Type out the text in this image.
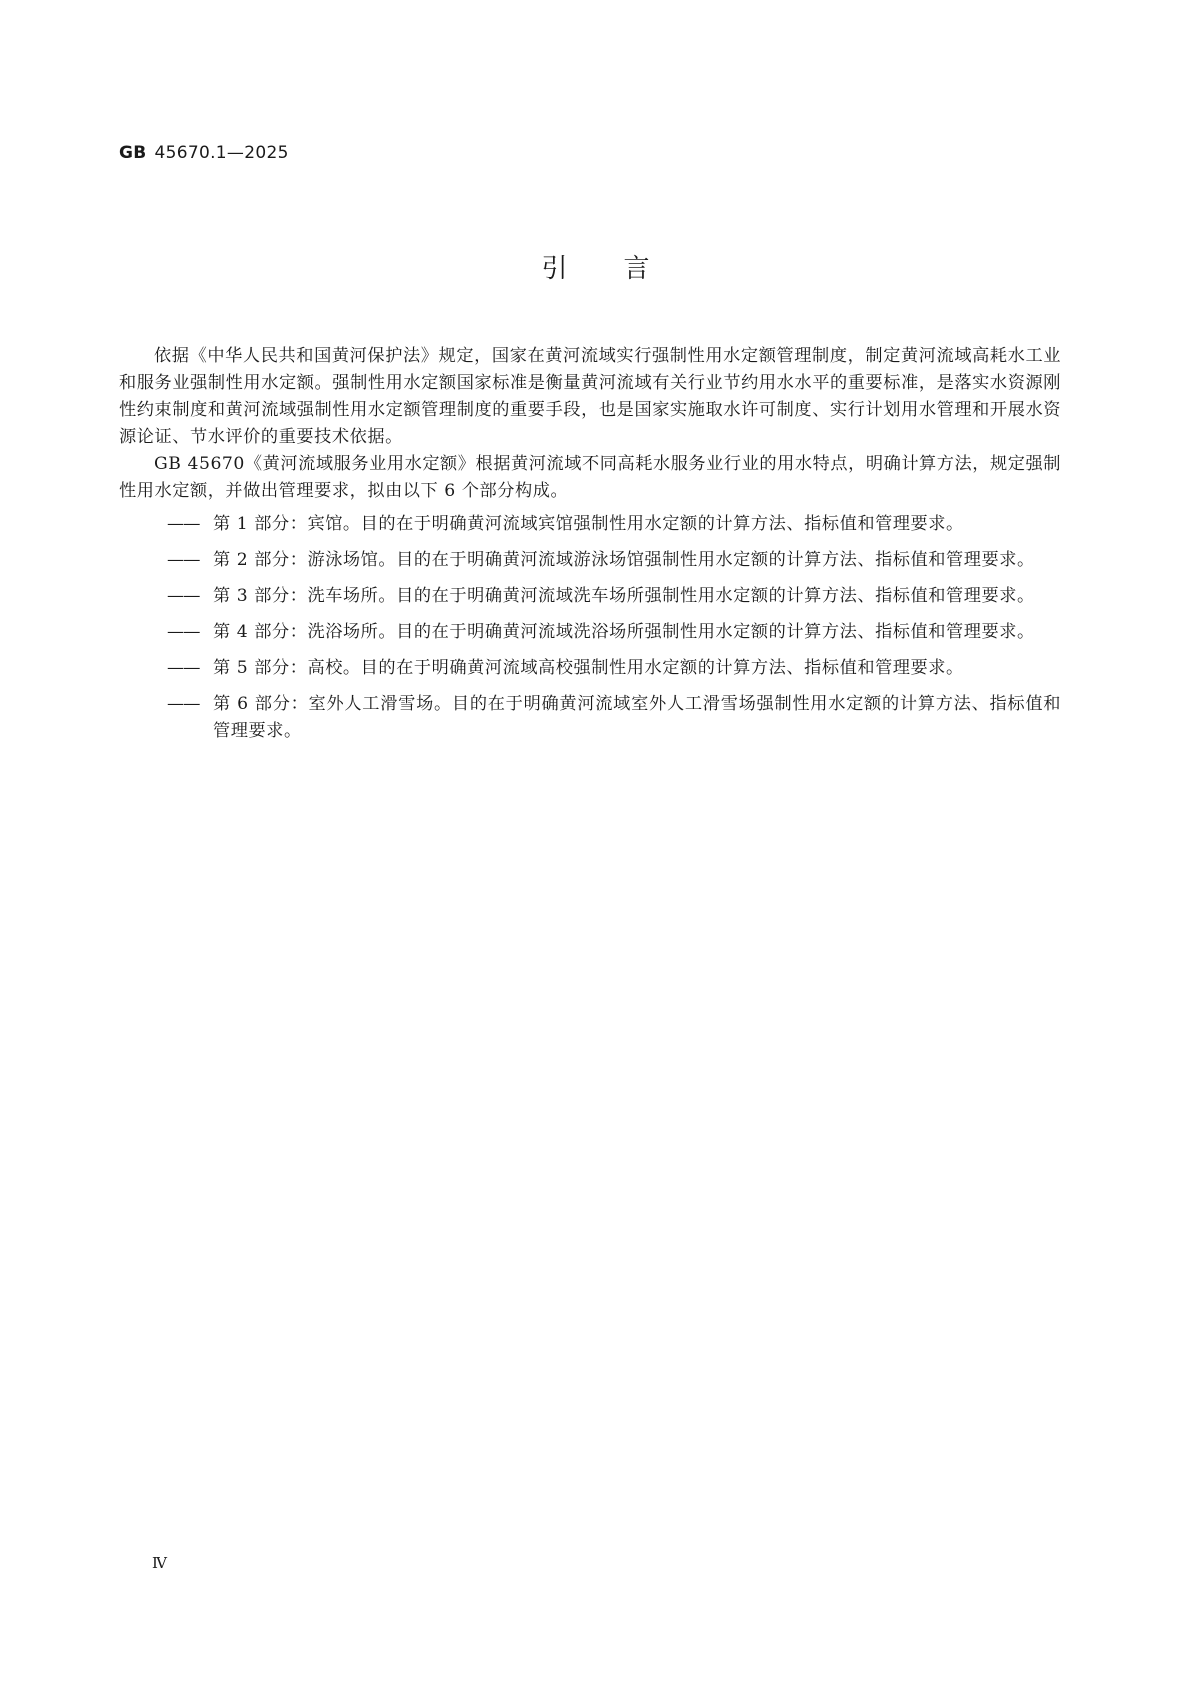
GB 45670.1—2025
引言

依据《中华人民共和国黄河保护法》规定，国家在黄河流域实行强制性用水定额管理制度，制定黄河流域高耗水工业和服务业强制性用水定额。强制性用水定额国家标准是衡量黄河流域有关行业节约用水水平的重要标准，是落实水资源刚性约束制度和黄河流域强制性用水定额管理制度的重要手段，也是国家实施取水许可制度、实行计划用水管理和开展水资源论证、节水评价的重要技术依据。

GB 45670《黄河流域服务业用水定额》根据黄河流域不同高耗水服务业行业的用水特点，明确计算方法，规定强制性用水定额，并做出管理要求，拟由以下 6 个部分构成。

—— 第 1 部分：宾馆。目的在于明确黄河流域宾馆强制性用水定额的计算方法、指标值和管理要求。
—— 第 2 部分：游泳场馆。目的在于明确黄河流域游泳场馆强制性用水定额的计算方法、指标值和管理要求。
—— 第 3 部分：洗车场所。目的在于明确黄河流域洗车场所强制性用水定额的计算方法、指标值和管理要求。
—— 第 4 部分：洗浴场所。目的在于明确黄河流域洗浴场所强制性用水定额的计算方法、指标值和管理要求。
—— 第 5 部分：高校。目的在于明确黄河流域高校强制性用水定额的计算方法、指标值和管理要求。
—— 第 6 部分：室外人工滑雪场。目的在于明确黄河流域室外人工滑雪场强制性用水定额的计算方法、指标值和管理要求。
Ⅳ
